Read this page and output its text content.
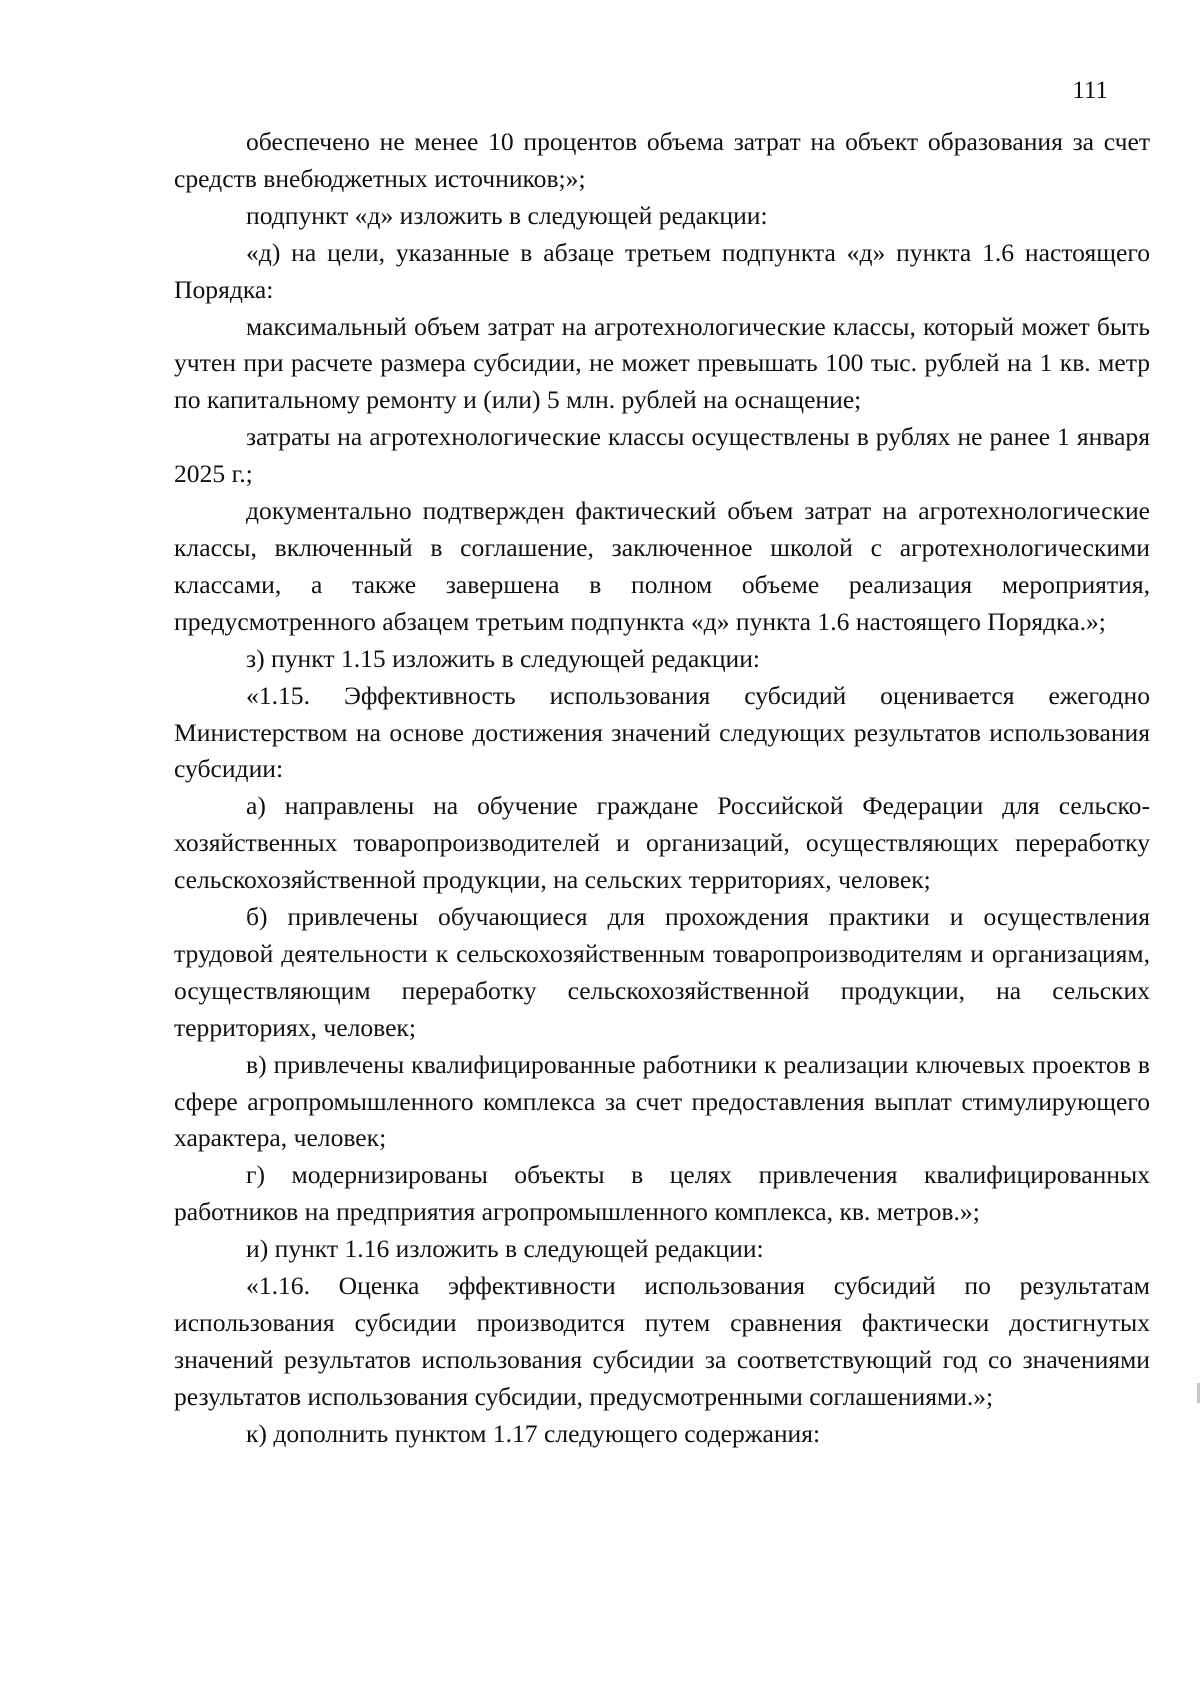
111

обеспечено не менее 10 процентов объема затрат на объект образования за счет средств внебюджетных источников;»;

подпункт «д» изложить в следующей редакции:

«д) на цели, указанные в абзаце третьем подпункта «д» пункта 1.6 настоящего Порядка:

максимальный объем затрат на агротехнологические классы, который может быть учтен при расчете размера субсидии, не может превышать 100 тыс. рублей на 1 кв. метр по капитальному ремонту и (или) 5 млн. рублей на оснащение;

затраты на агротехнологические классы осуществлены в рублях не ранее 1 января 2025 г.;

документально подтвержден фактический объем затрат на агротехнологические классы, включенный в соглашение, заключенное школой с агротехнологическими классами, а также завершена в полном объеме реализация мероприятия, предусмотренного абзацем третьим подпункта «д» пункта 1.6 настоящего Порядка.»;

з) пункт 1.15 изложить в следующей редакции:

«1.15. Эффективность использования субсидий оценивается ежегодно Министерством на основе достижения значений следующих результатов использования субсидии:

а) направлены на обучение граждане Российской Федерации для сельскохозяйственных товаропроизводителей и организаций, осуществляющих переработку сельскохозяйственной продукции, на сельских территориях, человек;

б) привлечены обучающиеся для прохождения практики и осуществления трудовой деятельности к сельскохозяйственным товаропроизводителям и организациям, осуществляющим переработку сельскохозяйственной продукции, на сельских территориях, человек;

в) привлечены квалифицированные работники к реализации ключевых проектов в сфере агропромышленного комплекса за счет предоставления выплат стимулирующего характера, человек;

г) модернизированы объекты в целях привлечения квалифицированных работников на предприятия агропромышленного комплекса, кв. метров.»;

и) пункт 1.16 изложить в следующей редакции:

«1.16. Оценка эффективности использования субсидий по результатам использования субсидии производится путем сравнения фактически достигнутых значений результатов использования субсидии за соответствующий год со значениями результатов использования субсидии, предусмотренными соглашениями.»;

к) дополнить пунктом 1.17 следующего содержания:
